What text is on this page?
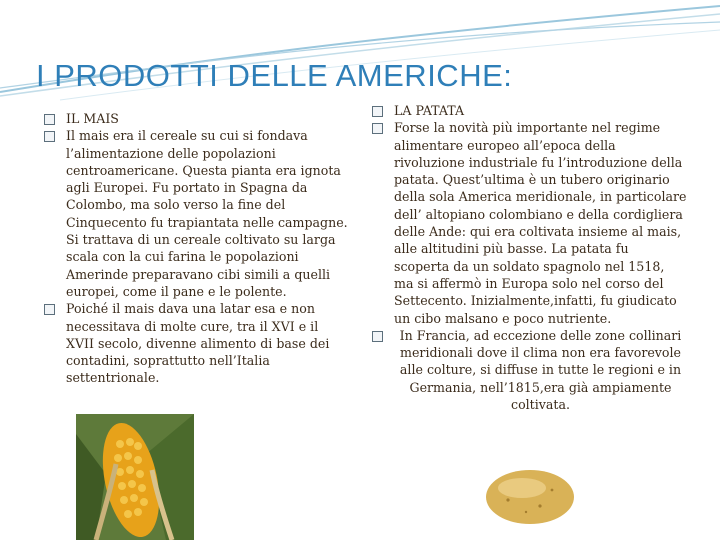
I PRODOTTI DELLE AMERICHE:
IL MAIS
Il mais era il cereale su cui si fondava l’alimentazione delle popolazioni centroamericane. Questa pianta era ignota agli Europei. Fu portato in Spagna da Colombo, ma solo verso la fine del Cinquecento fu trapiantata nelle campagne. Si trattava di un cereale coltivato su larga scala con la cui farina le popolazioni Amerinde preparavano cibi simili a quelli europei, come il pane e le polente.
Poiché il mais dava una latar esa e non necessitava di molte cure, tra il XVI e il XVII secolo, divenne alimento di base dei contadini, soprattutto nell’Italia settentrionale.
LA PATATA
Forse la novità più importante nel regime alimentare europeo all’epoca della rivoluzione industriale fu l’introduzione della patata. Quest’ultima è un tubero originario della sola America meridionale, in particolare dell’ altopiano colombiano e della cordigliera delle Ande: qui era coltivata insieme al mais, alle altitudini più basse. La patata fu scoperta da un soldato spagnolo nel 1518, ma si affermò in Europa solo nel corso del Settecento. Inizialmente,infatti, fu giudicato un cibo malsano e poco nutriente.
In Francia, ad eccezione delle zone collinari meridionali dove il clima non era favorevole alle colture, si diffuse in tutte le regioni e in Germania, nell’1815,era già ampiamente coltivata.
